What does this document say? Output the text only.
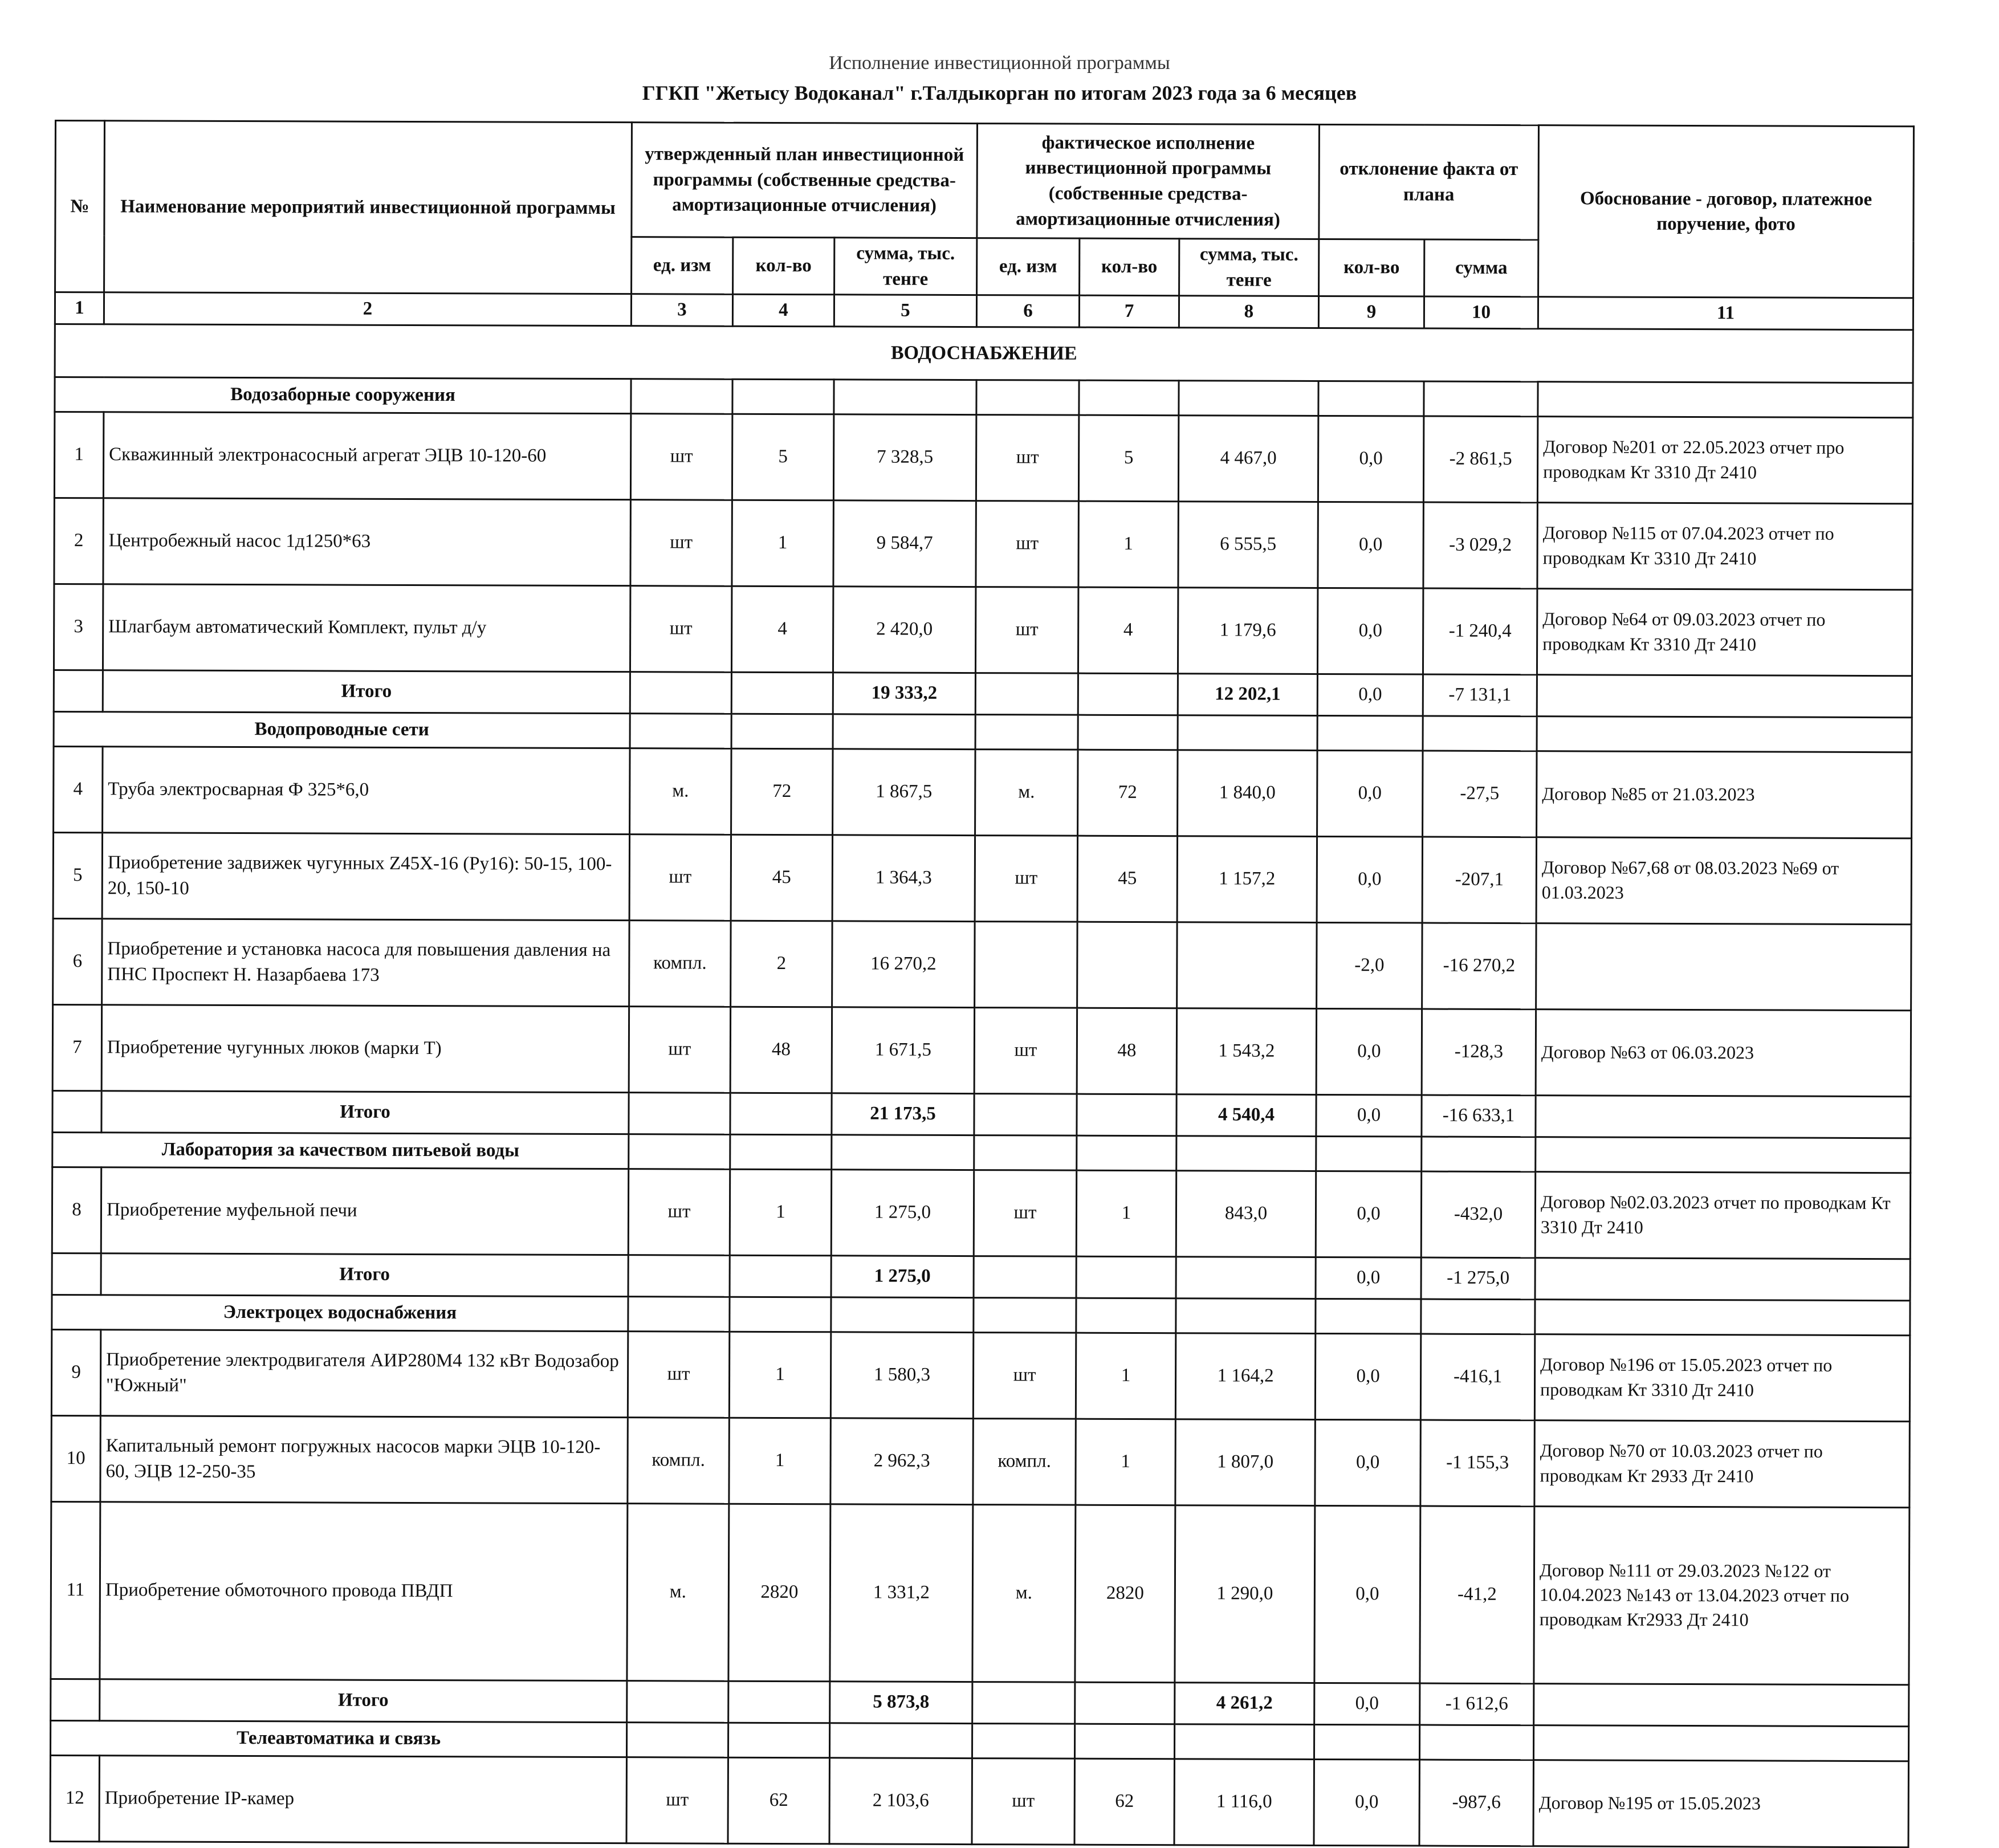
Исполнение инвестиционной программы
ГГКП "Жетысу Водоканал" г.Талдыкорган по итогам 2023 года за 6 месяцев
№	Наименование мероприятий инвестиционной программы	утвержденный план инвестиционной программы (собственные средства-амортизационные отчисления)			фактическое исполнение инвестиционной программы (собственные средства-амортизационные отчисления)			отклонение факта от плана		Обоснование - договор, платежное поручение, фото
		ед. изм	кол-во	сумма, тыс. тенге	ед. изм	кол-во	сумма, тыс. тенге	кол-во	сумма	
1	2	3	4	5	6	7	8	9	10	11
ВОДОСНАБЖЕНИЕ										
Водозаборные сооружения										
1	Скважинный электронасосный агрегат ЭЦВ 10-120-60	шт	5	7 328,5	шт	5	4 467,0	0,0	-2 861,5	Договор №201 от 22.05.2023 отчет про проводкам Кт 3310 Дт 2410
2	Центробежный насос 1д1250*63	шт	1	9 584,7	шт	1	6 555,5	0,0	-3 029,2	Договор №115 от 07.04.2023 отчет по проводкам Кт 3310 Дт 2410
3	Шлагбаум автоматический Комплект, пульт д/у	шт	4	2 420,0	шт	4	1 179,6	0,0	-1 240,4	Договор №64 от 09.03.2023 отчет по проводкам Кт 3310 Дт 2410
	Итого			19 333,2			12 202,1	0,0	-7 131,1	
Водопроводные сети										
4	Труба электросварная Ф 325*6,0	м.	72	1 867,5	м.	72	1 840,0	0,0	-27,5	Договор №85 от 21.03.2023
5	Приобретение задвижек чугунных Z45X-16 (Ру16): 50-15, 100-20, 150-10	шт	45	1 364,3	шт	45	1 157,2	0,0	-207,1	Договор №67,68 от 08.03.2023 №69 от 01.03.2023
6	Приобретение и установка насоса для повышения давления на ПНС Проспект Н. Назарбаева 173	компл.	2	16 270,2				-2,0	-16 270,2	
7	Приобретение чугунных люков (марки Т)	шт	48	1 671,5	шт	48	1 543,2	0,0	-128,3	Договор №63 от 06.03.2023
	Итого			21 173,5			4 540,4	0,0	-16 633,1	
Лаборатория за качеством питьевой воды										
8	Приобретение муфельной печи	шт	1	1 275,0	шт	1	843,0	0,0	-432,0	Договор №02.03.2023 отчет по проводкам Кт 3310 Дт 2410
	Итого			1 275,0				0,0	-1 275,0	
Электроцех водоснабжения										
9	Приобретение электродвигателя АИР280М4 132 кВт Водозабор "Южный"	шт	1	1 580,3	шт	1	1 164,2	0,0	-416,1	Договор №196 от 15.05.2023 отчет по проводкам Кт 3310 Дт 2410
10	Капитальный ремонт погружных насосов марки ЭЦВ 10-120-60, ЭЦВ 12-250-35	компл.	1	2 962,3	компл.	1	1 807,0	0,0	-1 155,3	Договор №70 от 10.03.2023 отчет по проводкам Кт 2933 Дт 2410
11	Приобретение обмоточного провода ПВДП	м.	2820	1 331,2	м.	2820	1 290,0	0,0	-41,2	Договор №111 от 29.03.2023 №122 от 10.04.2023 №143 от 13.04.2023 отчет по проводкам Кт2933 Дт 2410
	Итого			5 873,8			4 261,2	0,0	-1 612,6	
Телеавтоматика и связь										
12	Приобретение IP-камер	шт	62	2 103,6	шт	62	1 116,0	0,0	-987,6	Договор №195 от 15.05.2023
